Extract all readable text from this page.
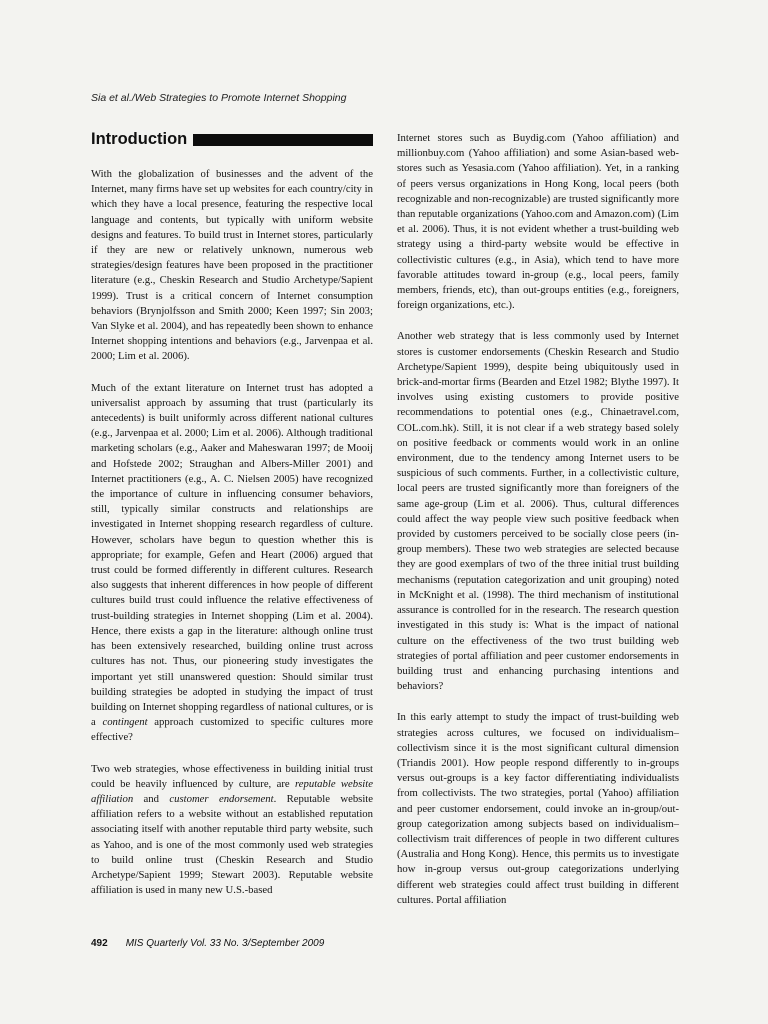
Sia et al./Web Strategies to Promote Internet Shopping
Introduction

With the globalization of businesses and the advent of the Internet, many firms have set up websites for each country/city in which they have a local presence, featuring the respective local language and contents, but typically with uniform website designs and features. To build trust in Internet stores, particularly if they are new or relatively unknown, numerous web strategies/design features have been proposed in the practitioner literature (e.g., Cheskin Research and Studio Archetype/Sapient 1999). Trust is a critical concern of Internet consumption behaviors (Brynjolfsson and Smith 2000; Keen 1997; Sin 2003; Van Slyke et al. 2004), and has repeatedly been shown to enhance Internet shopping intentions and behaviors (e.g., Jarvenpaa et al. 2000; Lim et al. 2006).

Much of the extant literature on Internet trust has adopted a universalist approach by assuming that trust (particularly its antecedents) is built uniformly across different national cultures (e.g., Jarvenpaa et al. 2000; Lim et al. 2006). Although traditional marketing scholars (e.g., Aaker and Maheswaran 1997; de Mooij and Hofstede 2002; Straughan and Albers-Miller 2001) and Internet practitioners (e.g., A. C. Nielsen 2005) have recognized the importance of culture in influencing consumer behaviors, still, typically similar constructs and relationships are investigated in Internet shopping research regardless of culture. However, scholars have begun to question whether this is appropriate; for example, Gefen and Heart (2006) argued that trust could be formed differently in different cultures. Research also suggests that inherent differences in how people of different cultures build trust could influence the relative effectiveness of trust-building strategies in Internet shopping (Lim et al. 2004). Hence, there exists a gap in the literature: although online trust has been extensively researched, building online trust across cultures has not. Thus, our pioneering study investigates the important yet still unanswered question: Should similar trust building strategies be adopted in studying the impact of trust building on Internet shopping regardless of national cultures, or is a contingent approach customized to specific cultures more effective?

Two web strategies, whose effectiveness in building initial trust could be heavily influenced by culture, are reputable website affiliation and customer endorsement. Reputable website affiliation refers to a website without an established reputation associating itself with another reputable third party website, such as Yahoo, and is one of the most commonly used web strategies to build online trust (Cheskin Research and Studio Archetype/Sapient 1999; Stewart 2003). Reputable website affiliation is used in many new U.S.-based

Internet stores such as Buydig.com (Yahoo affiliation) and millionbuy.com (Yahoo affiliation) and some Asian-based web-stores such as Yesasia.com (Yahoo affiliation). Yet, in a ranking of peers versus organizations in Hong Kong, local peers (both recognizable and non-recognizable) are trusted significantly more than reputable organizations (Yahoo.com and Amazon.com) (Lim et al. 2006). Thus, it is not evident whether a trust-building web strategy using a third-party website would be effective in collectivistic cultures (e.g., in Asia), which tend to have more favorable attitudes toward in-group (e.g., local peers, family members, friends, etc), than out-groups entities (e.g., foreigners, foreign organizations, etc.).

Another web strategy that is less commonly used by Internet stores is customer endorsements (Cheskin Research and Studio Archetype/Sapient 1999), despite being ubiquitously used in brick-and-mortar firms (Bearden and Etzel 1982; Blythe 1997). It involves using existing customers to provide positive recommendations to potential ones (e.g., Chinaetravel.com, COL.com.hk). Still, it is not clear if a web strategy based solely on positive feedback or comments would work in an online environment, due to the tendency among Internet users to be suspicious of such comments. Further, in a collectivistic culture, local peers are trusted significantly more than foreigners of the same age-group (Lim et al. 2006). Thus, cultural differences could affect the way people view such positive feedback when provided by customers perceived to be socially close peers (in-group members). These two web strategies are selected because they are good exemplars of two of the three initial trust building mechanisms (reputation categorization and unit grouping) noted in McKnight et al. (1998). The third mechanism of institutional assurance is controlled for in the research. The research question investigated in this study is: What is the impact of national culture on the effectiveness of the two trust building web strategies of portal affiliation and peer customer endorsements in building trust and enhancing purchasing intentions and behaviors?

In this early attempt to study the impact of trust-building web strategies across cultures, we focused on individualism–collectivism since it is the most significant cultural dimension (Triandis 2001). How people respond differently to in-groups versus out-groups is a key factor differentiating individualists from collectivists. The two strategies, portal (Yahoo) affiliation and peer customer endorsement, could invoke an in-group/out-group categorization among subjects based on individualism–collectivism trait differences of people in two different cultures (Australia and Hong Kong). Hence, this permits us to investigate how in-group versus out-group categorizations underlying different web strategies could affect trust building in different cultures. Portal affiliation

492 MIS Quarterly Vol. 33 No. 3/September 2009
